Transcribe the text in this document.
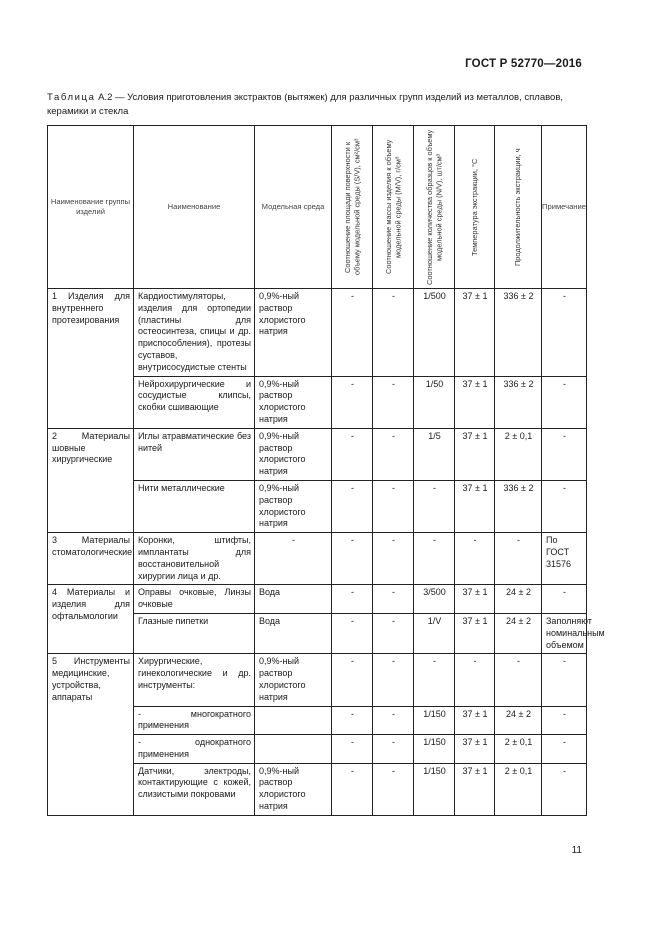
ГОСТ Р 52770—2016
Таблица А.2 — Условия приготовления экстрактов (вытяжек) для различных групп изделий из металлов, сплавов, керамики и стекла
Наименование группы изделий	Наименование	Модельная среда	Соотношение площади поверхности к объему модельной среды (S/V), см²/см³	Соотношение массы изделия к объему модельной среды (M/V), г/см³	Соотношение количества образцов к объему модельной среды (N/V), шт/см³	Температура экстракции, °С	Продолжительность экстракции, ч	Примечание
1 Изделия для внутреннего протезирования	Кардиостимуляторы, изделия для ортопедии (пластины для остеосинтеза, спицы и др. приспособления), протезы суставов, внутрисосудистые стенты	0,9%-ный раствор хлористого натрия	-	-	1/500	37 ± 1	336 ± 2	-
	Нейрохирургические и сосудистые клипсы, скобки сшивающие	0,9%-ный раствор хлористого натрия	-	-	1/50	37 ± 1	336 ± 2	-
2 Материалы шовные хирургические	Иглы атравматические без нитей	0,9%-ный раствор хлористого натрия	-	-	1/5	37 ± 1	2 ± 0,1	-
	Нити металлические	0,9%-ный раствор хлористого натрия	-	-	-	37 ± 1	336 ± 2	-
3 Материалы стоматологические	Коронки, штифты, имплантаты для восстановительной хирургии лица и др.	-	-	-	-	-	-	По ГОСТ 31576
4 Материалы и изделия для офтальмологии	Оправы очковые, Линзы очковые	Вода	-	-	3/500	37 ± 1	24 ± 2	-
	Глазные пипетки	Вода	-	-	1/V	37 ± 1	24 ± 2	Заполняют номинальным объемом
5 Инструменты медицинские, устройства, аппараты	Хирургические, гинекологические и др. инструменты:	0,9%-ный раствор хлористого натрия	-	-	-	-	-	-
	- многократного применения		-	-	1/150	37 ± 1	24 ± 2	-
	- однократного применения		-	-	1/150	37 ± 1	2 ± 0,1	-
	Датчики, электроды, контактирующие с кожей, слизистыми покровами	0,9%-ный раствор хлористого натрия	-	-	1/150	37 ± 1	2 ± 0,1	-
11
